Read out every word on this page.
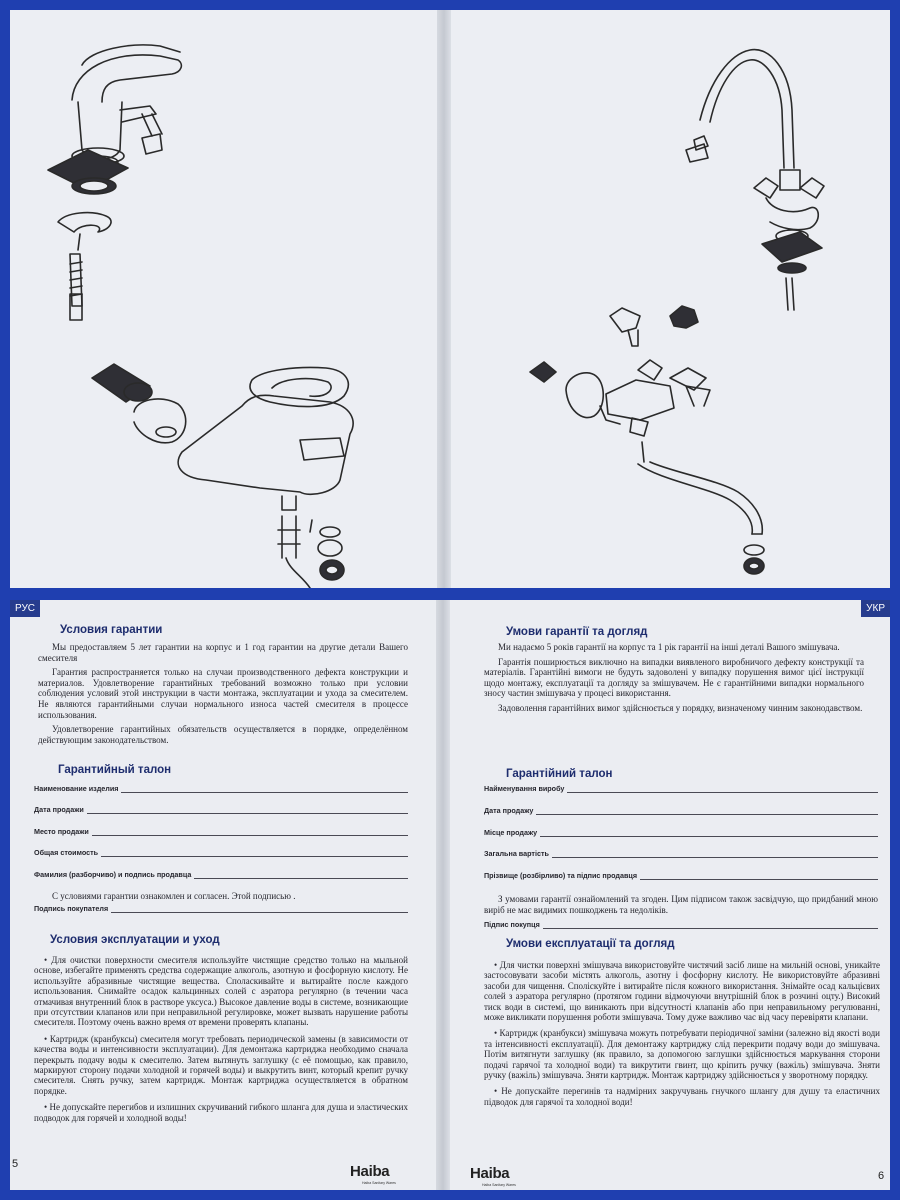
РУС
Условия гарантии

Мы предоставляем 5 лет гарантии на корпус и 1 год гарантии на другие детали Вашего смесителя

Гарантия распространяется только на случаи производственного дефекта конструкции и материалов. Удовлетворение гарантийных требований возможно только при условии соблюдения условий этой инструкции в части монтажа, эксплуатации и ухода за смесителем. Не являются гарантийными случаи нормального износа частей смесителя в процессе использования.

Удовлетворение гарантийных обязательств осуществляется в порядке, определённом действующим законодательством.

Гарантийный талон
Наименование изделия
Дата продажи
Место продажи
Общая стоимость
Фамилия (разборчиво) и подпись продавца

С условиями гарантии ознакомлен и согласен. Этой подписью .

Подпись покупателя
Условия эксплуатации и уход

• Для очистки поверхности смесителя используйте чистящие средство только на мыльной основе, избегайте применять средства содержащие алкоголь, азотную и фосфорную кислоту. Не используйте абразивные чистящие вещества. Споласкивайте и вытирайте после каждого использования. Снимайте осадок кальцинных солей с аэратора регулярно (в течении часа отмачивая внутренний блок в растворе уксуса.) Высокое давление воды в системе, возникающие при отсутствии клапанов или при неправильной регулировке, может вызвать нарушение работы смесителя. Поэтому очень важно время от времени проверять клапаны.

• Картридж (кранбуксы) смесителя могут требовать периодической замены (в зависимости от качества воды и интенсивности эксплуатации). Для демонтажа картриджа необходимо сначала перекрыть подачу воды к смесителю. Затем вытянуть заглушку (с её помощью, как правило, маркируют сторону подачи холодной и горячей воды) и выкрутить винт, который крепит ручку смесителя. Снять ручку, затем картридж. Монтаж картриджа осуществляется в обратном порядке.

• Не допускайте перегибов и излишних скручиваний гибкого шланга для душа и эластических подводок для горячей и холодной воды!

5	Haiba
Haiba Sanitary Wares
УКР
Умови гарантії та догляд

Ми надаємо 5 років гарантії на корпус та 1 рік гарантії на інші деталі Вашого змішувача.

Гарантія поширюється виключно на випадки виявленого виробничого дефекту конструкцiї та матеріалів. Гарантійні вимоги не будуть задоволені у випадку порушення вимог цієї інструкції щодо монтажу, експлуатації та догляду за змішувачем. Не є гарантійними випадки нормального зносу частин змішувача у процесі використання.

Задоволення гарантійних вимог здійснюється у порядку, визначеному чинним законодавством.

Гарантійний талон
Найменування виробу
Дата продажу
Місце продажу
Загальна вартість
Прізвище (розбірливо) та підпис продавця

З умовами гарантії ознайомлений та згоден. Цим підписом також засвідчую, що придбаний мною виріб не має видимих пошкоджень та недоліків.

Підпис покупця
Умови експлуатації та догляд

• Для чистки поверхні змішувача використовуйте чистячий засіб лише на мильній основі, уникайте застосовувати засоби містять алкоголь, азотну і фосфорну кислоту. Не використовуйте абразивні засоби для чищення. Споліскуйте і витирайте після кожного використання. Знімайте осад кальцієвих солей з аэратора регулярно (протягом години відмочуючи внутрішній блок в розчині оцту.) Високий тиск води в системі, що виникають при відсутності клапанів або при неправильному регулюванні, може викликати порушення роботи змішувача. Тому дуже важливо час від часу перевіряти клапани.

• Картридж (кранбукси) змішувача можуть потребувати періодичної заміни (залежно від якості води та інтенсивності експлуатації). Для демонтажу картриджу слід перекрити подачу води до змішувача. Потім витягнути заглушку (як правило, за допомогою заглушки здійснюється маркування сторони подачі гарячої та холодної води) та викрутити гвинт, що кріпить ручку (важіль) змішувача. Зняти ручку (важіль) змішувача. Зняти картридж. Монтаж картриджу здійснюється у зворотному порядку.

• Не допускайте перегинів та надмірних закручувань гнучкого шлангу для душу та еластичних підводок для гарячої та холодної води!

Haiba
Haiba Sanitary Wares
6
